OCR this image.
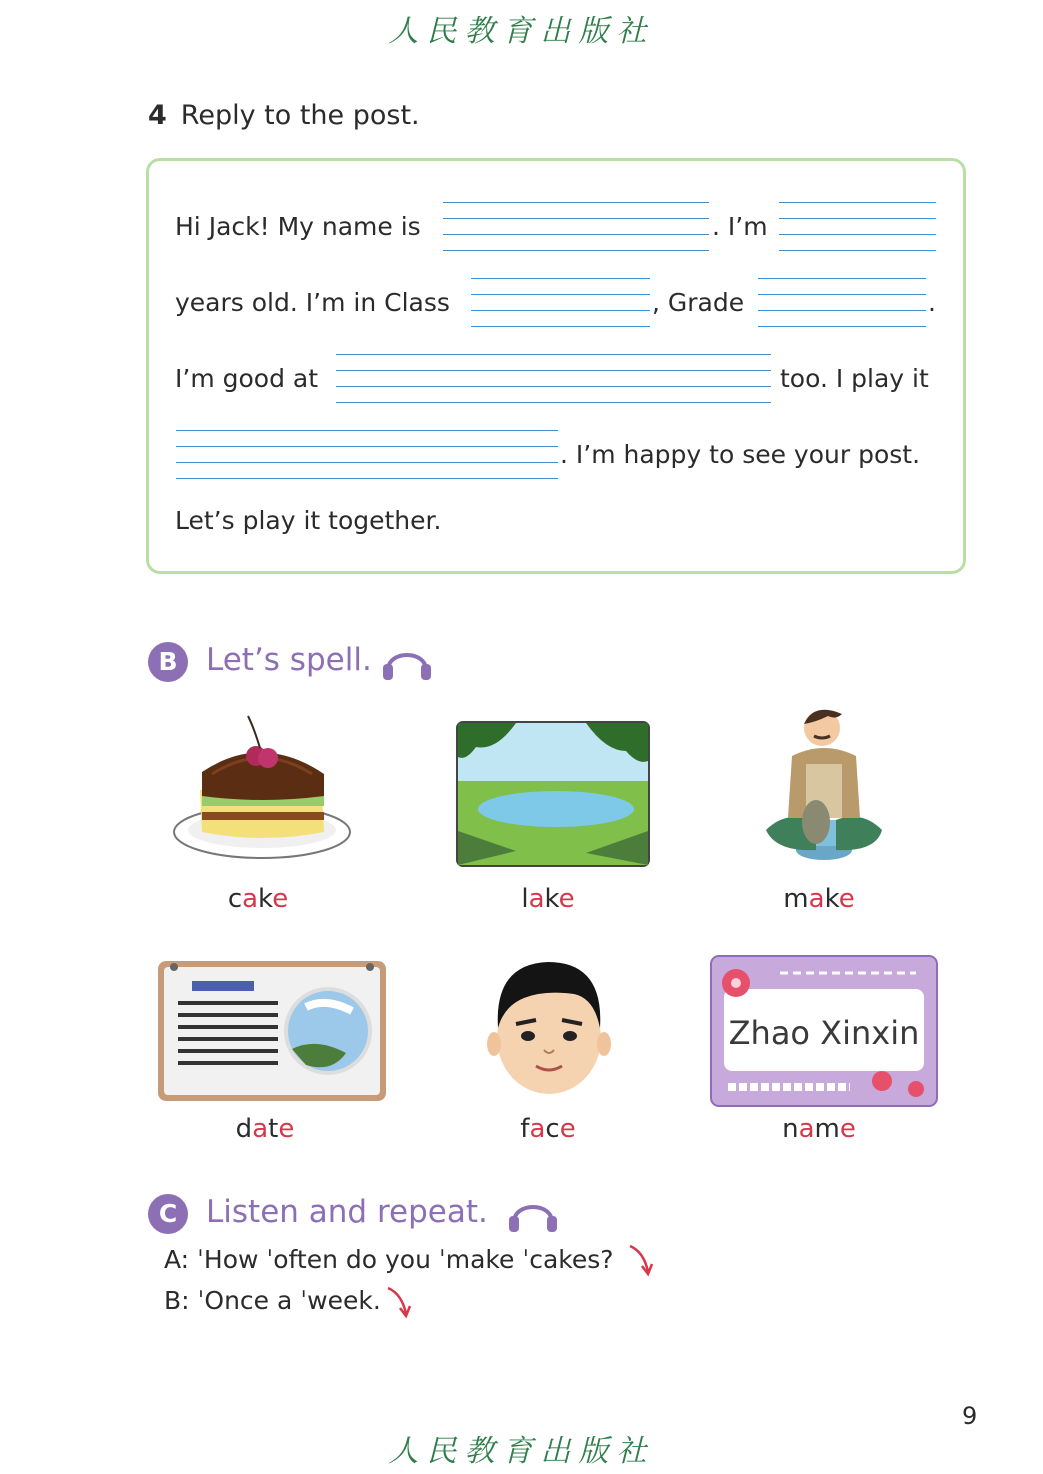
人民教育出版社
4 Reply to the post.
Hi Jack! My name is	. I’m
years old. I’m in Class	, Grade	.
I’m good at	too. I play it
. I’m happy to see your post.
Let’s play it together.
B Let’s spell.
Zhao Xinxin
cake	lake	make
date	face	name
C Listen and repeat.
A: ˈHow ˈoften do you ˈmake ˈcakes?
B: ˈOnce a ˈweek.
9
人民教育出版社
